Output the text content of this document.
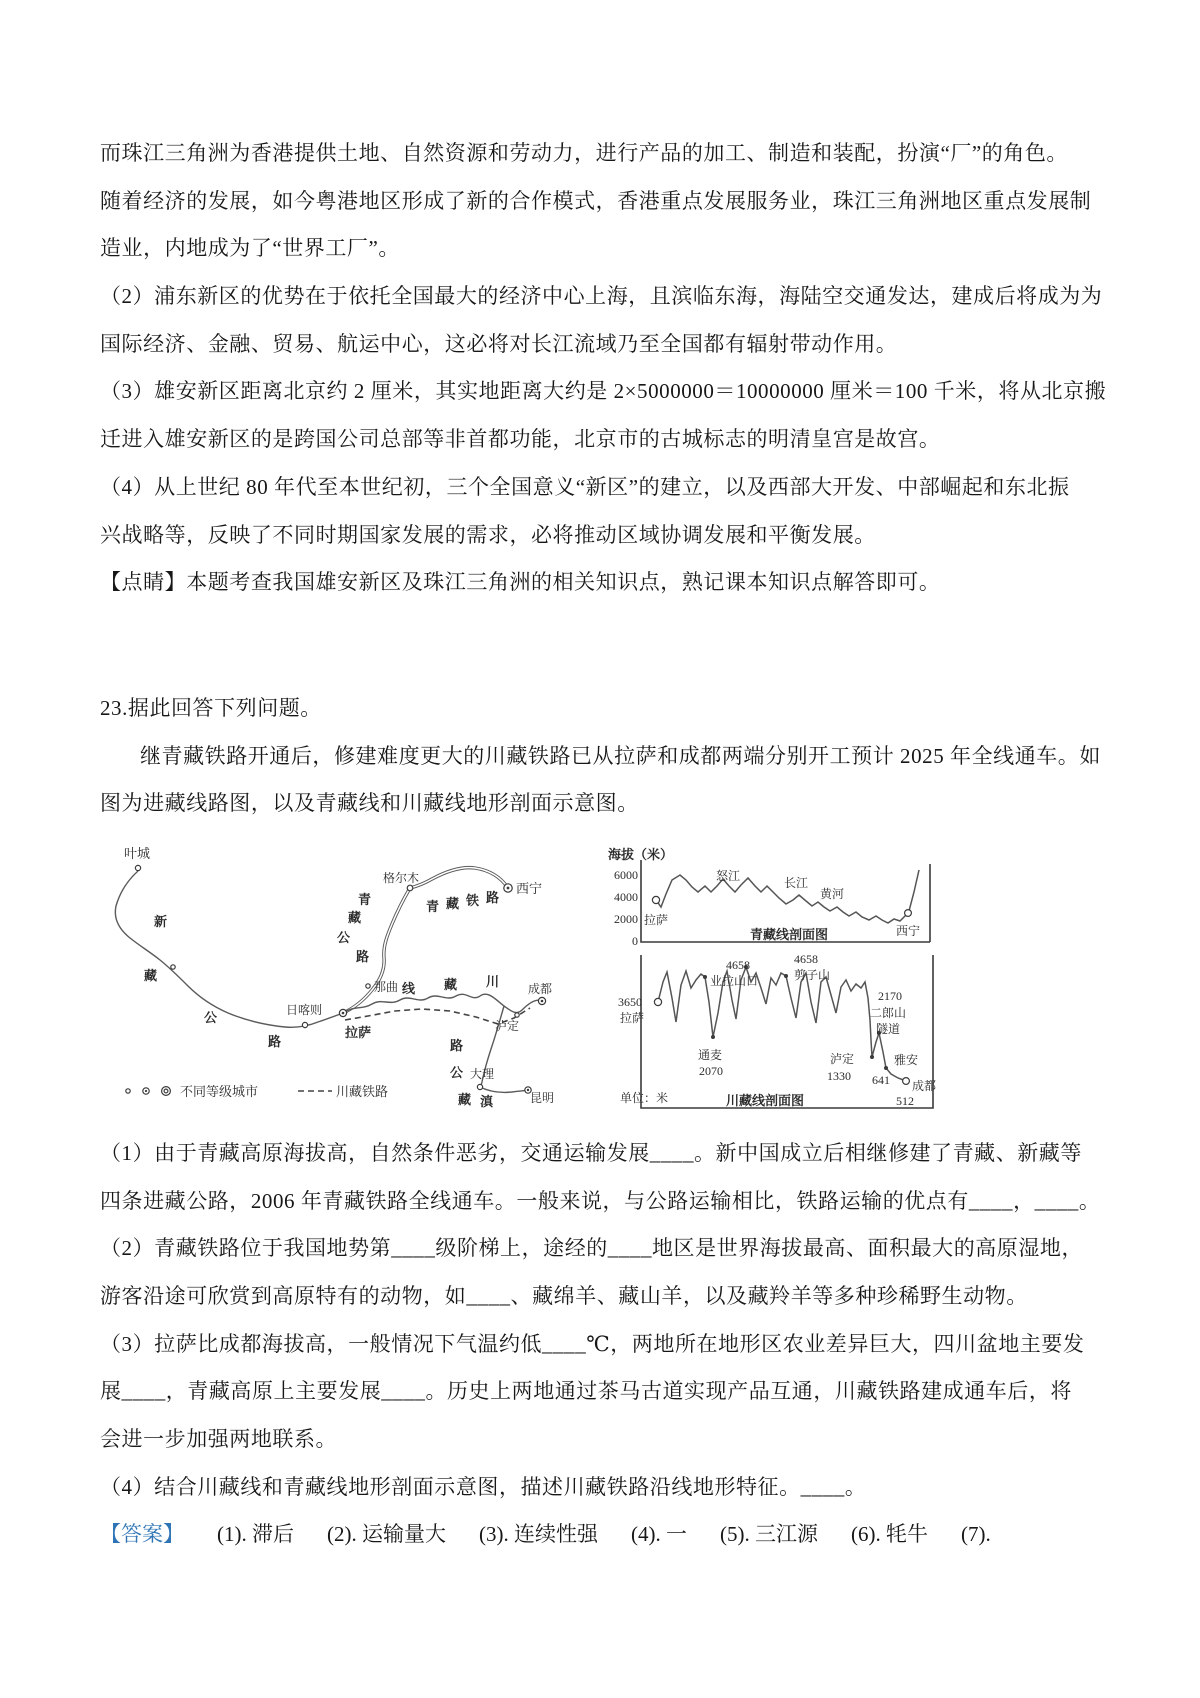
而珠江三角洲为香港提供土地、自然资源和劳动力，进行产品的加工、制造和装配，扮演“厂”的角色。
随着经济的发展，如今粤港地区形成了新的合作模式，香港重点发展服务业，珠江三角洲地区重点发展制
造业，内地成为了“世界工厂”。
（2）浦东新区的优势在于依托全国最大的经济中心上海，且滨临东海，海陆空交通发达，建成后将成为为
国际经济、金融、贸易、航运中心，这必将对长江流域乃至全国都有辐射带动作用。
（3）雄安新区距离北京约 2 厘米，其实地距离大约是 2×5000000＝10000000 厘米＝100 千米，将从北京搬
迁进入雄安新区的是跨国公司总部等非首都功能，北京市的古城标志的明清皇宫是故宫。
（4）从上世纪 80 年代至本世纪初，三个全国意义“新区”的建立，以及西部大开发、中部崛起和东北振
兴战略等，反映了不同时期国家发展的需求，必将推动区域协调发展和平衡发展。
【点睛】本题考查我国雄安新区及珠江三角洲的相关知识点，熟记课本知识点解答即可。
23.据此回答下列问题。
继青藏铁路开通后，修建难度更大的川藏铁路已从拉萨和成都两端分别开工预计 2025 年全线通车。如
图为进藏线路图，以及青藏线和川藏线地形剖面示意图。
叶城
格尔木
西宁
那曲
日喀则
拉萨	泸定
成都
大理
昆明
新
藏
公
路
青
藏
公
路
青 藏 铁 路
线 藏 川
路
公
藏 滇
不同等级城市	川藏铁路
海拔（米）
6000
4000
2000
0
拉萨
怒江	长江
黄河
西宁
青藏线剖面图
3650
拉萨
4658
业拉山口
4658
剪子山
通麦
2070
2170
二郎山
隧道
泸定
1330 641
雅安
成都
512
单位：米	川藏线剖面图
（1）由于青藏高原海拔高，自然条件恶劣，交通运输发展____。新中国成立后相继修建了青藏、新藏等
四条进藏公路，2006 年青藏铁路全线通车。一般来说，与公路运输相比，铁路运输的优点有____，____。
（2）青藏铁路位于我国地势第____级阶梯上，途经的____地区是世界海拔最高、面积最大的高原湿地，
游客沿途可欣赏到高原特有的动物，如____、藏绵羊、藏山羊，以及藏羚羊等多种珍稀野生动物。
（3）拉萨比成都海拔高，一般情况下气温约低____℃，两地所在地形区农业差异巨大，四川盆地主要发
展____，青藏高原上主要发展____。历史上两地通过茶马古道实现产品互通，川藏铁路建成通车后，将
会进一步加强两地联系。
（4）结合川藏线和青藏线地形剖面示意图，描述川藏铁路沿线地形特征。____。
【答案】 (1). 滞后 (2). 运输量大 (3). 连续性强 (4). 一 (5). 三江源 (6). 牦牛 (7).
